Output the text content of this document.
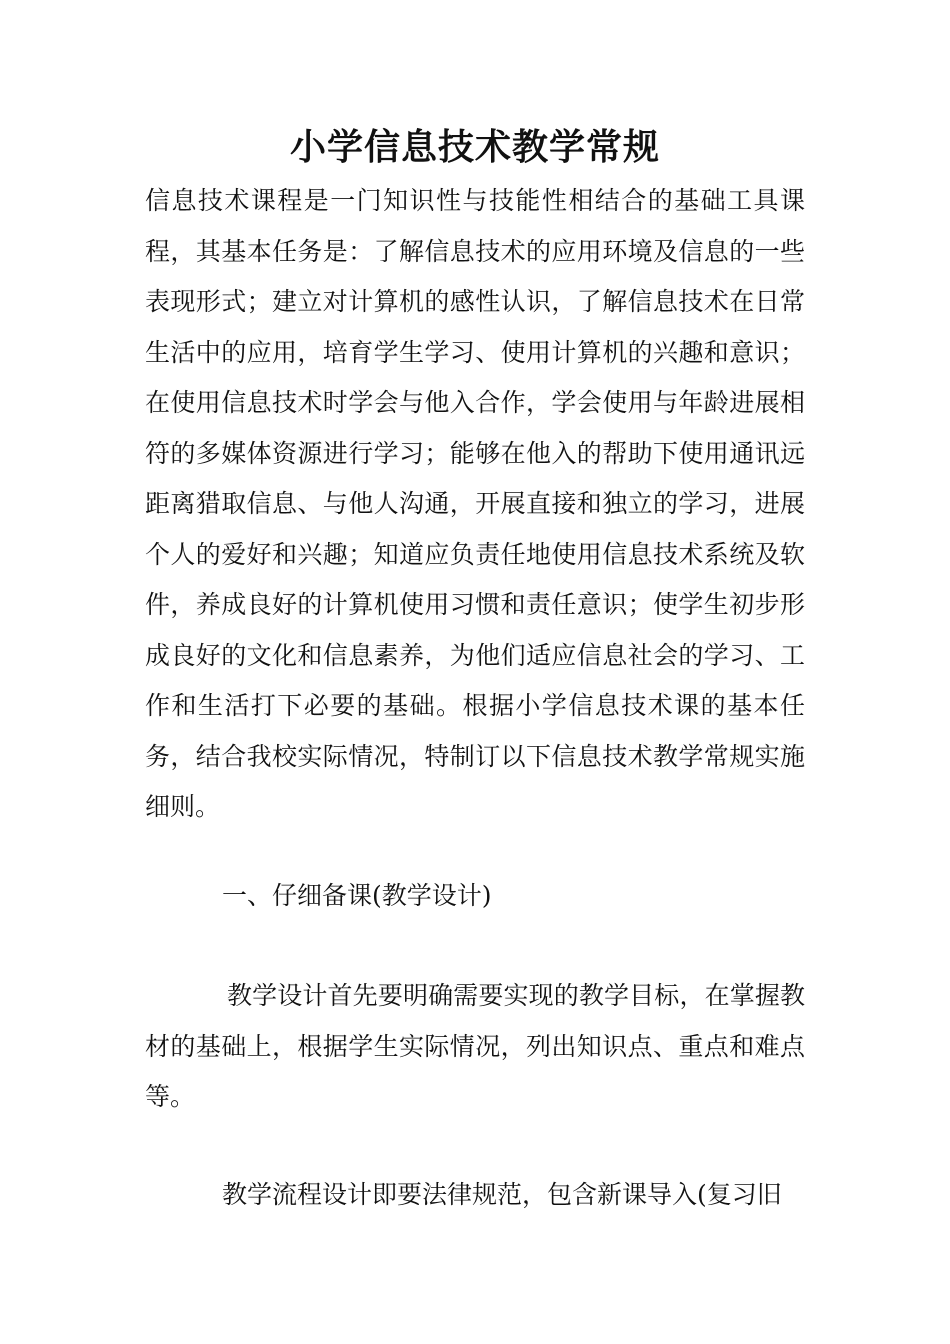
小学信息技术教学常规

信息技术课程是一门知识性与技能性相结合的基础工具课程，其基本任务是：了解信息技术的应用环境及信息的一些表现形式；建立对计算机的感性认识，了解信息技术在日常生活中的应用，培育学生学习、使用计算机的兴趣和意识；在使用信息技术时学会与他入合作，学会使用与年龄进展相符的多媒体资源进行学习；能够在他入的帮助下使用通讯远距离猎取信息、与他人沟通，开展直接和独立的学习，进展个人的爱好和兴趣；知道应负责任地使用信息技术系统及软件，养成良好的计算机使用习惯和责任意识；使学生初步形成良好的文化和信息素养，为他们适应信息社会的学习、工作和生活打下必要的基础。根据小学信息技术课的基本任务，结合我校实际情况，特制订以下信息技术教学常规实施细则。

一、仔细备课(教学设计)

教学设计首先要明确需要实现的教学目标，在掌握教材的基础上，根据学生实际情况，列出知识点、重点和难点等。

教学流程设计即要法律规范，包含新课导入(复习旧
